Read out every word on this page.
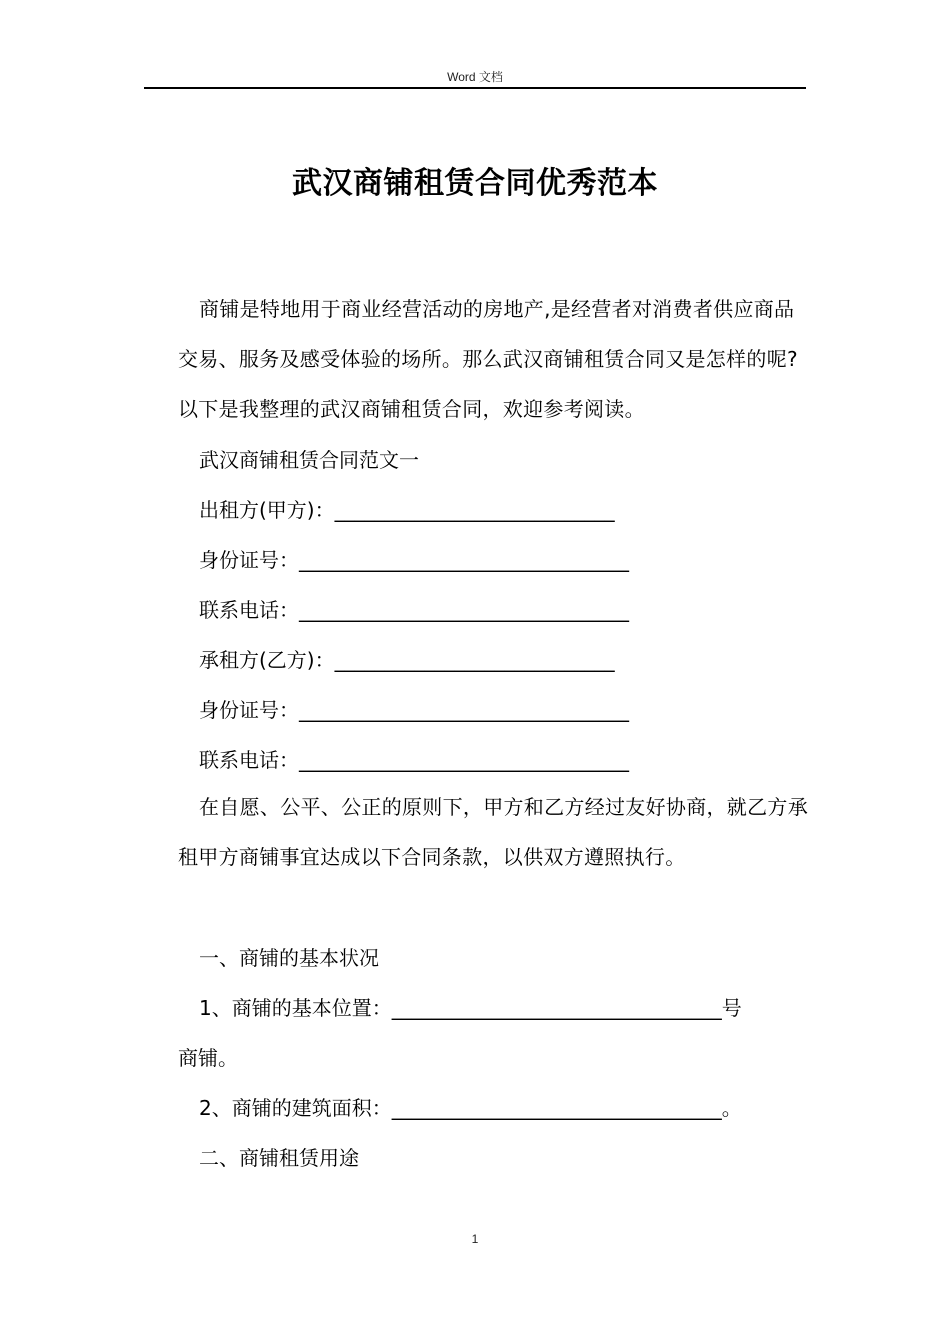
Word 文档
武汉商铺租赁合同优秀范本

商铺是特地用于商业经营活动的房地产,是经营者对消费者供应商品交易、服务及感受体验的场所。那么武汉商铺租赁合同又是怎样的呢?以下是我整理的武汉商铺租赁合同，欢迎参考阅读。

武汉商铺租赁合同范文一
出租方(甲方)：____________________________
身份证号：_________________________________
联系电话：_________________________________
承租方(乙方)：____________________________
身份证号：_________________________________
联系电话：_________________________________

在自愿、公平、公正的原则下，甲方和乙方经过友好协商，就乙方承租甲方商铺事宜达成以下合同条款，以供双方遵照执行。

一、商铺的基本状况
1、商铺的基本位置：_________________________________号
商铺。
2、商铺的建筑面积：_________________________________。
二、商铺租赁用途
1
